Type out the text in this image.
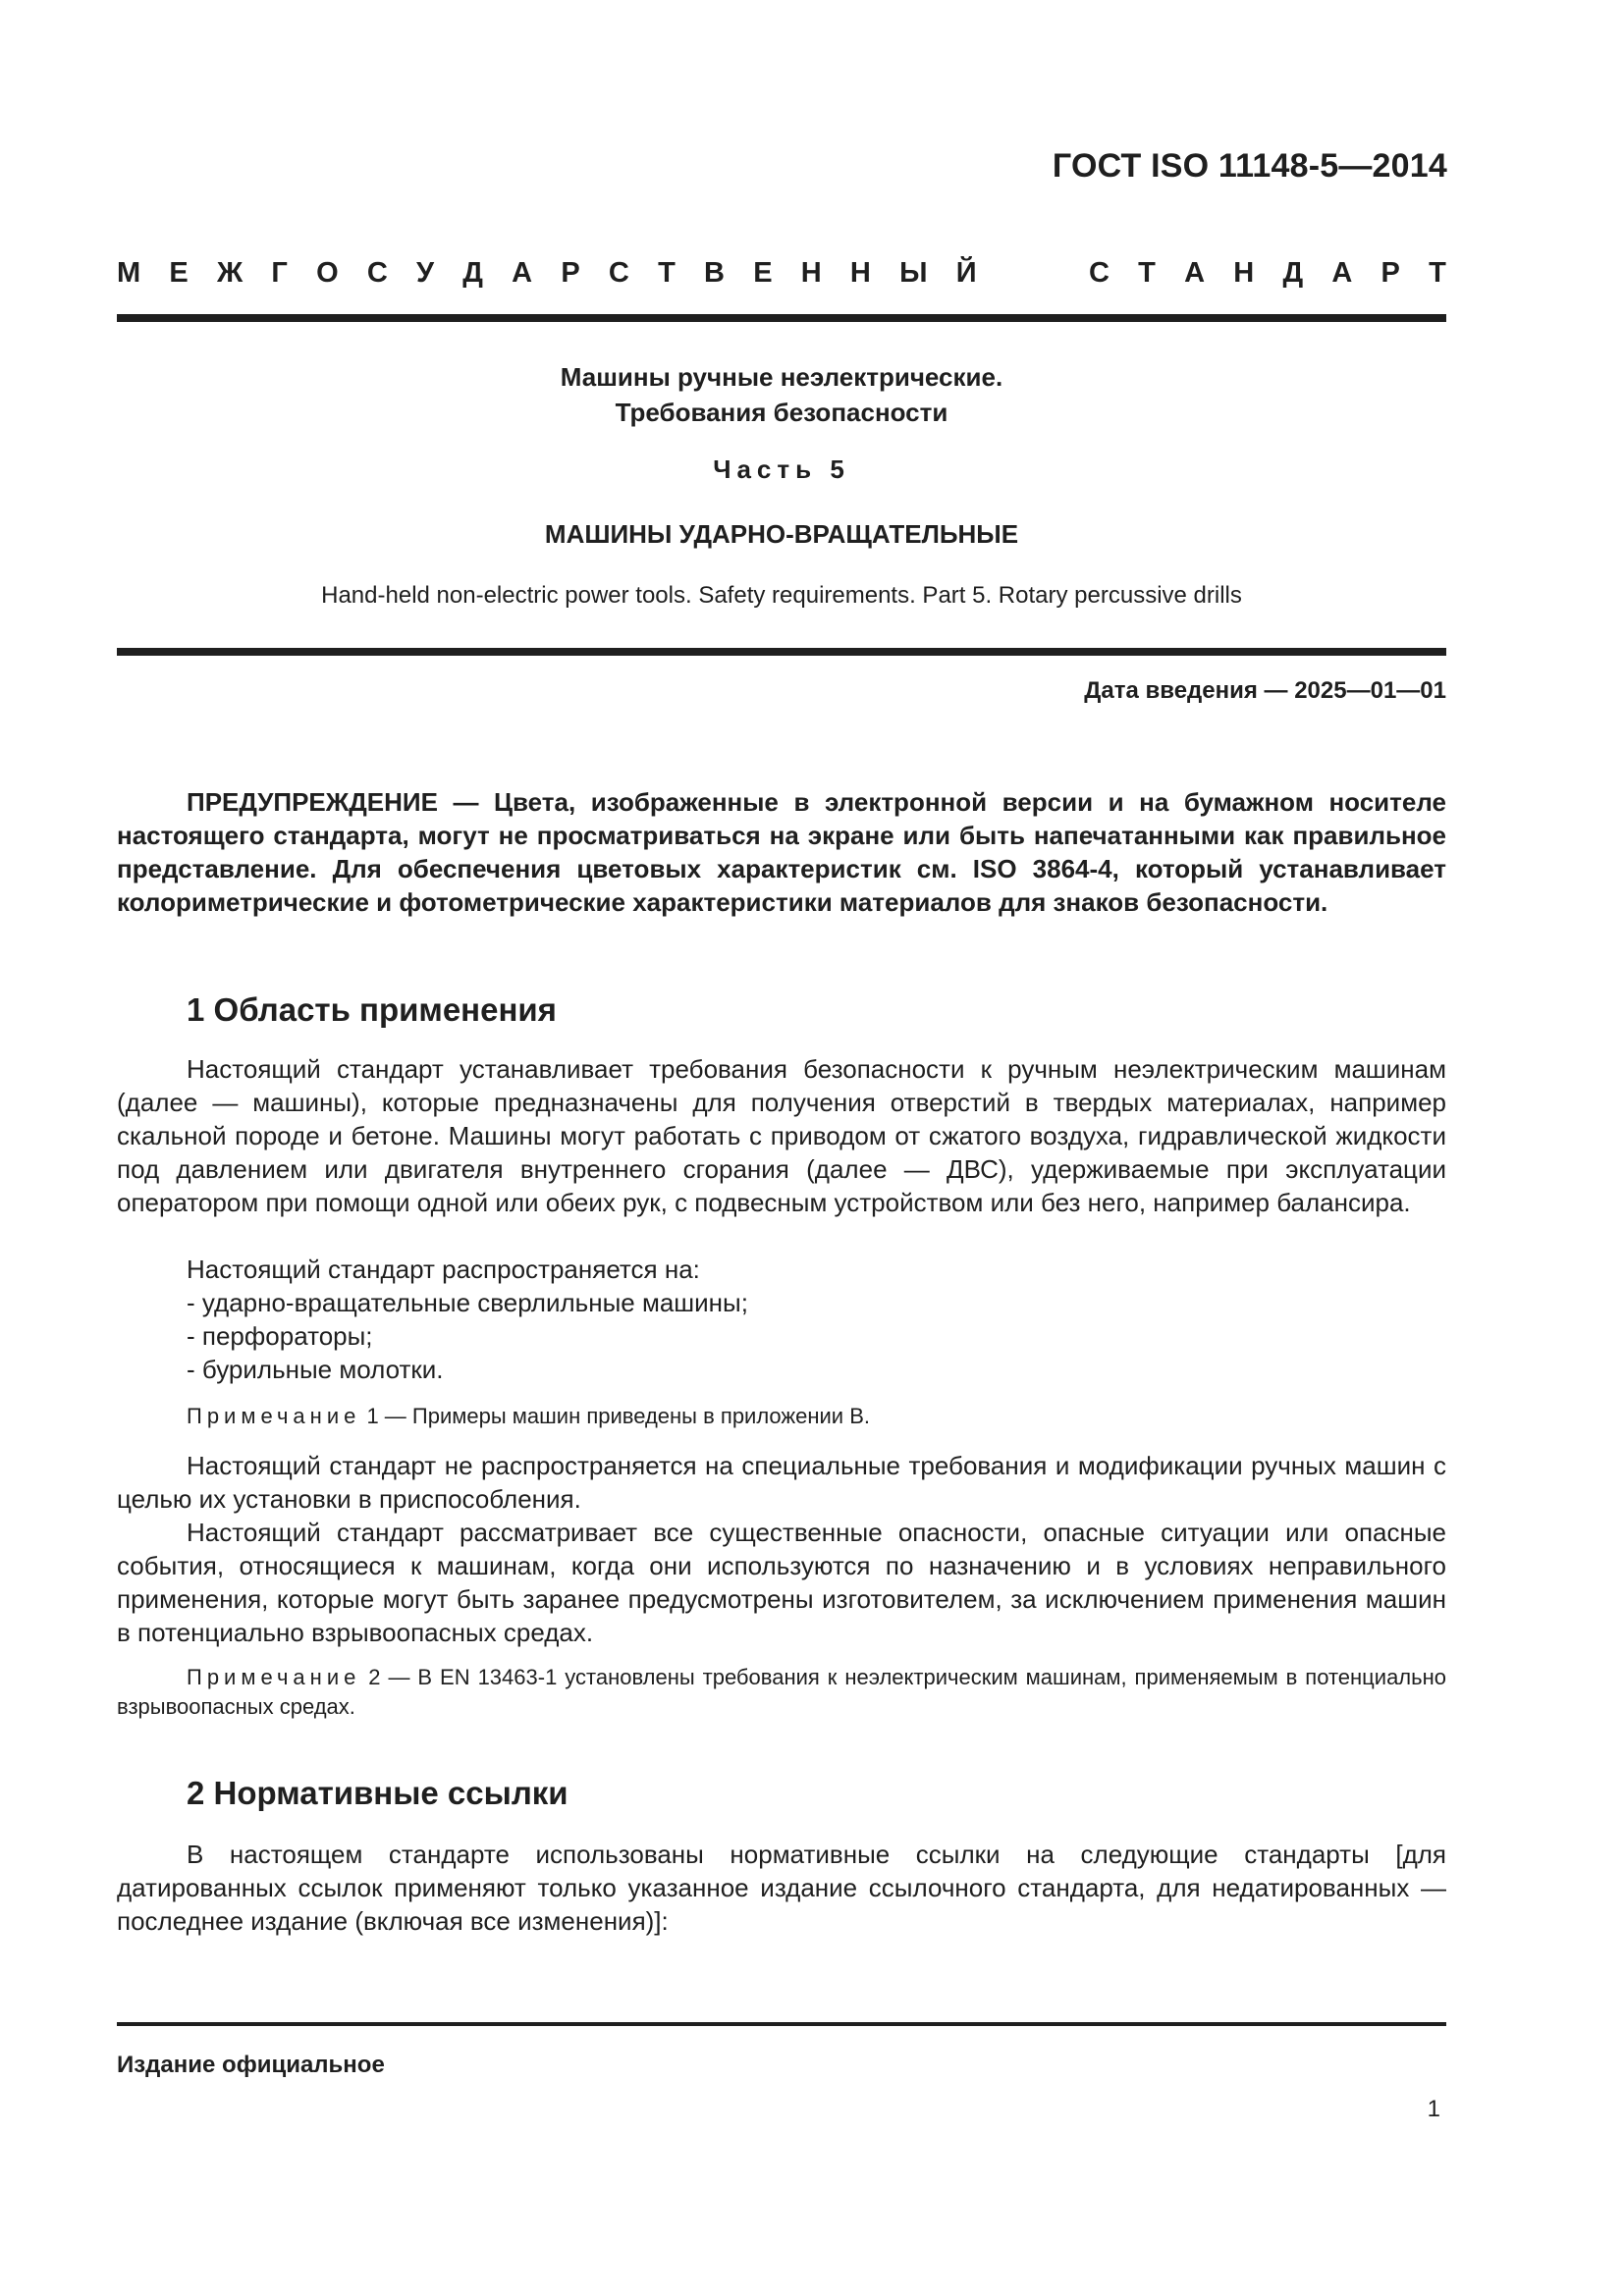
ГОСТ ISO 11148-5—2014
М Е Ж Г О С У Д А Р С Т В Е Н Н Ы Й	С Т А Н Д А Р Т
Машины ручные неэлектрические.
Требования безопасности
Часть 5
МАШИНЫ УДАРНО-ВРАЩАТЕЛЬНЫЕ
Hand-held non-electric power tools. Safety requirements. Part 5. Rotary percussive drills
Дата введения — 2025—01—01
ПРЕДУПРЕЖДЕНИЕ — Цвета, изображенные в электронной версии и на бумажном носителе настоящего стандарта, могут не просматриваться на экране или быть напечатанными как правильное представление. Для обеспечения цветовых характеристик см. ISO 3864-4, который устанавливает колориметрические и фотометрические характеристики материалов для знаков безопасности.
1 Область применения

Настоящий стандарт устанавливает требования безопасности к ручным неэлектрическим машинам (далее — машины), которые предназначены для получения отверстий в твердых материалах, например скальной породе и бетоне. Машины могут работать с приводом от сжатого воздуха, гидравлической жидкости под давлением или двигателя внутреннего сгорания (далее — ДВС), удерживаемые при эксплуатации оператором при помощи одной или обеих рук, с подвесным устройством или без него, например балансира.

Настоящий стандарт распространяется на:

- ударно-вращательные сверлильные машины;
- перфораторы;
- бурильные молотки.
Примечание 1 — Примеры машин приведены в приложении В.

Настоящий стандарт не распространяется на специальные требования и модификации ручных машин с целью их установки в приспособления.

Настоящий стандарт рассматривает все существенные опасности, опасные ситуации или опасные события, относящиеся к машинам, когда они используются по назначению и в условиях неправильного применения, которые могут быть заранее предусмотрены изготовителем, за исключением применения машин в потенциально взрывоопасных средах.

Примечание 2 — В EN 13463-1 установлены требования к неэлектрическим машинам, применяемым в потенциально взрывоопасных средах.
2 Нормативные ссылки

В настоящем стандарте использованы нормативные ссылки на следующие стандарты [для датированных ссылок применяют только указанное издание ссылочного стандарта, для недатированных — последнее издание (включая все изменения)]:

Издание официальное
1
